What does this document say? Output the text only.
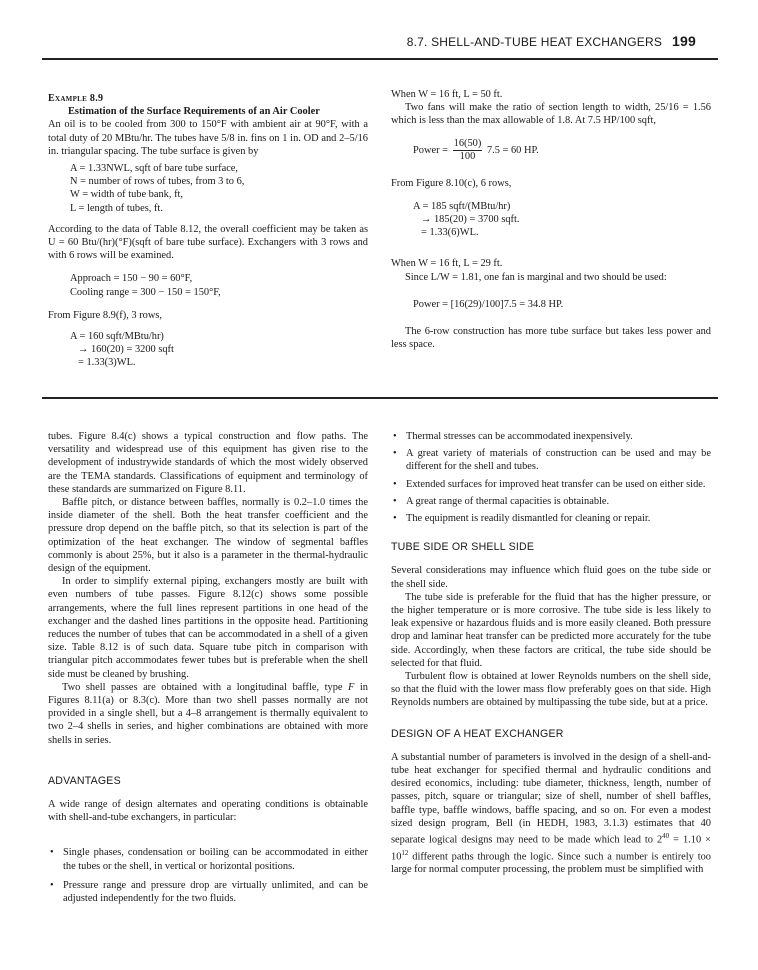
8.7. SHELL-AND-TUBE HEAT EXCHANGERS 199

Example 8.9

Estimation of the Surface Requirements of an Air Cooler

An oil is to be cooled from 300 to 150°F with ambient air at 90°F, with a total duty of 20 MBtu/hr. The tubes have 5/8 in. fins on 1 in. OD and 2–5/16 in. triangular spacing. The tube surface is given by

A = 1.33NWL, sqft of bare tube surface,

N = number of rows of tubes, from 3 to 6,

W = width of tube bank, ft,

L = length of tubes, ft.

According to the data of Table 8.12, the overall coefficient may be taken as U = 60 Btu/(hr)(°F)(sqft of bare tube surface). Exchangers with 3 rows and with 6 rows will be examined.

Approach = 150 − 90 = 60°F,

Cooling range = 300 − 150 = 150°F,

From Figure 8.9(f), 3 rows,

A = 160 sqft/MBtu/hr)

→ 160(20) = 3200 sqft

= 1.33(3)WL.

When W = 16 ft, L = 50 ft.

Two fans will make the ratio of section length to width, 25/16 = 1.56 which is less than the max allowable of 1.8. At 7.5 HP/100 sqft,

Power = $\frac{16(50)}{100} 7.5 = 60$ HP.

From Figure 8.10(c), 6 rows,

A = 185 sqft/(MBtu/hr)

→ 185(20) = 3700 sqft.

= 1.33(6)WL.

When W = 16 ft, L = 29 ft.

Since L/W = 1.81, one fan is marginal and two should be used:

Power = [16(29)/100]7.5 = 34.8 HP.

The 6-row construction has more tube surface but takes less power and less space.

tubes. Figure 8.4(c) shows a typical construction and flow paths. The versatility and widespread use of this equipment has given rise to the development of industrywide standards of which the most widely observed are the TEMA standards. Classifications of equipment and terminology of these standards are summarized on Figure 8.11.

Baffle pitch, or distance between baffles, normally is 0.2–1.0 times the inside diameter of the shell. Both the heat transfer coefficient and the pressure drop depend on the baffle pitch, so that its selection is part of the optimization of the heat exchanger. The window of segmental baffles commonly is about 25%, but it also is a parameter in the thermal-hydraulic design of the equipment.

In order to simplify external piping, exchangers mostly are built with even numbers of tube passes. Figure 8.12(c) shows some possible arrangements, where the full lines represent partitions in one head of the exchanger and the dashed lines partitions in the opposite head. Partitioning reduces the number of tubes that can be accommodated in a shell of a given size. Table 8.12 is of such data. Square tube pitch in comparison with triangular pitch accommodates fewer tubes but is preferable when the shell side must be cleaned by brushing.

Two shell passes are obtained with a longitudinal baffle, type F in Figures 8.11(a) or 8.3(c). More than two shell passes normally are not provided in a single shell, but a 4–8 arrangement is thermally equivalent to two 2–4 shells in series, and higher combinations are obtained with more shells in series.

ADVANTAGES

A wide range of design alternates and operating conditions is obtainable with shell-and-tube exchangers, in particular:

• Single phases, condensation or boiling can be accommodated in either the tubes or the shell, in vertical or horizontal positions.
• Pressure range and pressure drop are virtually unlimited, and can be adjusted independently for the two fluids.
• Thermal stresses can be accommodated inexpensively.
• A great variety of materials of construction can be used and may be different for the shell and tubes.
• Extended surfaces for improved heat transfer can be used on either side.
• A great range of thermal capacities is obtainable.
• The equipment is readily dismantled for cleaning or repair.

TUBE SIDE OR SHELL SIDE

Several considerations may influence which fluid goes on the tube side or the shell side.

The tube side is preferable for the fluid that has the higher pressure, or the higher temperature or is more corrosive. The tube side is less likely to leak expensive or hazardous fluids and is more easily cleaned. Both pressure drop and laminar heat transfer can be predicted more accurately for the tube side. Accordingly, when these factors are critical, the tube side should be selected for that fluid.

Turbulent flow is obtained at lower Reynolds numbers on the shell side, so that the fluid with the lower mass flow preferably goes on that side. High Reynolds numbers are obtained by multipassing the tube side, but at a price.

DESIGN OF A HEAT EXCHANGER

A substantial number of parameters is involved in the design of a shell-and-tube heat exchanger for specified thermal and hydraulic conditions and desired economics, including: tube diameter, thickness, length, number of passes, pitch, square or triangular; size of shell, number of shell baffles, baffle type, baffle windows, baffle spacing, and so on. For even a modest sized design program, Bell (in HEDH, 1983, 3.1.3) estimates that 40 separate logical designs may need to be made which lead to $2^{40} = 1.10 \times 10^{12}$ different paths through the logic. Since such a number is entirely too large for normal computer processing, the problem must be simplified with
